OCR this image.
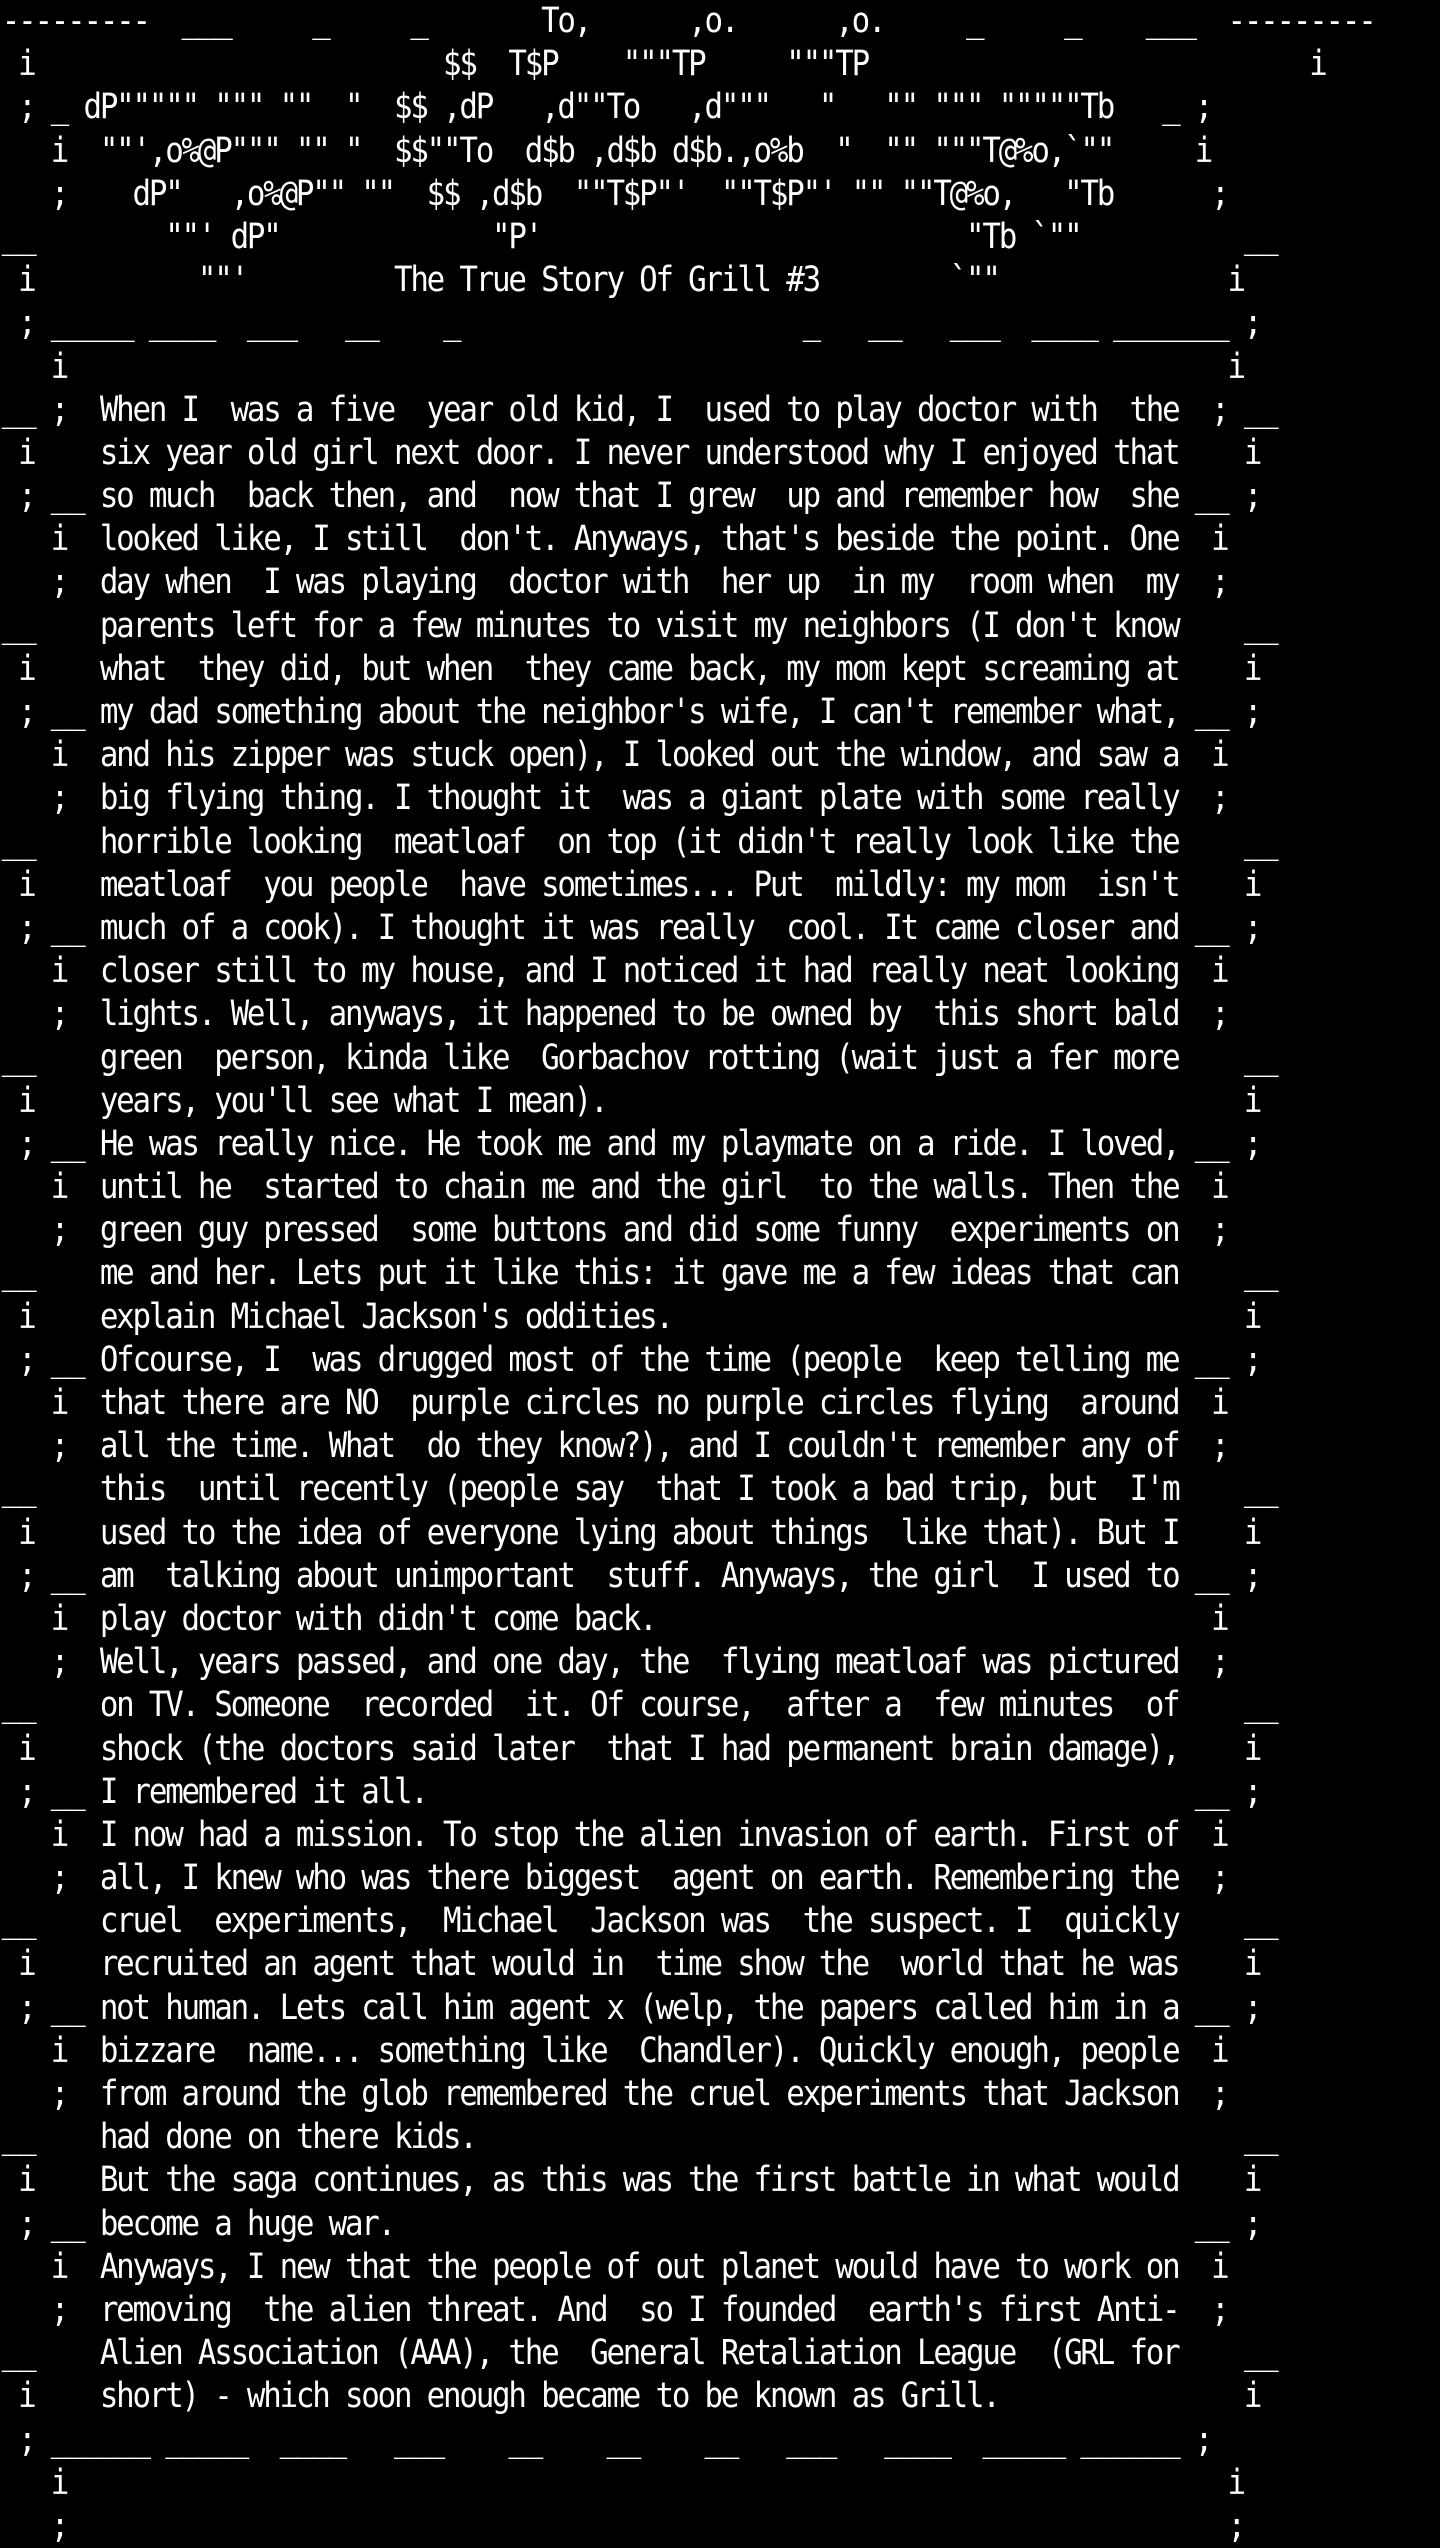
---------  ___     _     _       To,      ,o.      ,o.     _     _    ___  ---------
i                         $$  T$P    """TP     """TP                           i
; _ dP""""" """ ""  "  $$ ,dP   ,d""To   ,d"""   "   "" """ """""Tb   _ ;
i  ""',o%@P""" "" "  $$""To  d$b ,d$b d$b.,o%b  "  "" """T@%o,`""     i
;    dP"   ,o%@P"" ""  $$ ,d$b  ""T$P"'  ""T$P"' "" ""T@%o,   "Tb      ;
__        ""' dP"             "P'                          "Tb `""          __
i          ""'         The True Story Of Grill #3        `""              i
; _____ ____  ___   __    _                     _   __   ___  ____ _______ ;
i                                                                       i
__ ;  When I  was a five  year old kid, I  used to play doctor with  the  ; __
i    six year old girl next door. I never understood why I enjoyed that    i
; __ so much  back then, and  now that I grew  up and remember how  she __ ;
i  looked like, I still  don't. Anyways, that's beside the point. One  i
;  day when  I was playing  doctor with  her up  in my  room when  my  ;
__    parents left for a few minutes to visit my neighbors (I don't know    __
i    what  they did, but when  they came back, my mom kept screaming at    i
; __ my dad something about the neighbor's wife, I can't remember what, __ ;
i  and his zipper was stuck open), I looked out the window, and saw a  i
;  big flying thing. I thought it  was a giant plate with some really  ;
__    horrible looking  meatloaf  on top (it didn't really look like the    __
i    meatloaf  you people  have sometimes... Put  mildly: my mom  isn't    i
; __ much of a cook). I thought it was really  cool. It came closer and __ ;
i  closer still to my house, and I noticed it had really neat looking  i
;  lights. Well, anyways, it happened to be owned by  this short bald  ;
__    green  person, kinda like  Gorbachov rotting (wait just a fer more    __
i    years, you'll see what I mean).                                       i
; __ He was really nice. He took me and my playmate on a ride. I loved, __ ;
i  until he  started to chain me and the girl  to the walls. Then the  i
;  green guy pressed  some buttons and did some funny  experiments on  ;
__    me and her. Lets put it like this: it gave me a few ideas that can    __
i    explain Michael Jackson's oddities.                                   i
; __ Ofcourse, I  was drugged most of the time (people  keep telling me __ ;
i  that there are NO  purple circles no purple circles flying  around  i
;  all the time. What  do they know?), and I couldn't remember any of  ;
__    this  until recently (people say  that I took a bad trip, but  I'm    __
i    used to the idea of everyone lying about things  like that). But I    i
; __ am  talking about unimportant  stuff. Anyways, the girl  I used to __ ;
i  play doctor with didn't come back.                                  i
;  Well, years passed, and one day, the  flying meatloaf was pictured  ;
__    on TV. Someone  recorded  it. Of course,  after a  few minutes  of    __
i    shock (the doctors said later  that I had permanent brain damage),    i
; __ I remembered it all.                                               __ ;
i  I now had a mission. To stop the alien invasion of earth. First of  i
;  all, I knew who was there biggest  agent on earth. Remembering the  ;
__    cruel  experiments,  Michael  Jackson was  the suspect. I  quickly    __
i    recruited an agent that would in  time show the  world that he was    i
; __ not human. Lets call him agent x (welp, the papers called him in a __ ;
i  bizzare  name... something like  Chandler). Quickly enough, people  i
;  from around the glob remembered the cruel experiments that Jackson  ;
__    had done on there kids.                                               __
i    But the saga continues, as this was the first battle in what would    i
; __ become a huge war.                                                 __ ;
i  Anyways, I new that the people of out planet would have to work on  i
;  removing  the alien threat. And  so I founded  earth's first Anti-  ;
__    Alien Association (AAA), the  General Retaliation League  (GRL for    __
i    short) - which soon enough became to be known as Grill.               i
; ______ _____  ____   ___    __    __    __   ___   ____  _____ ______ ;
i                                                                       i
;                                                                       ;
